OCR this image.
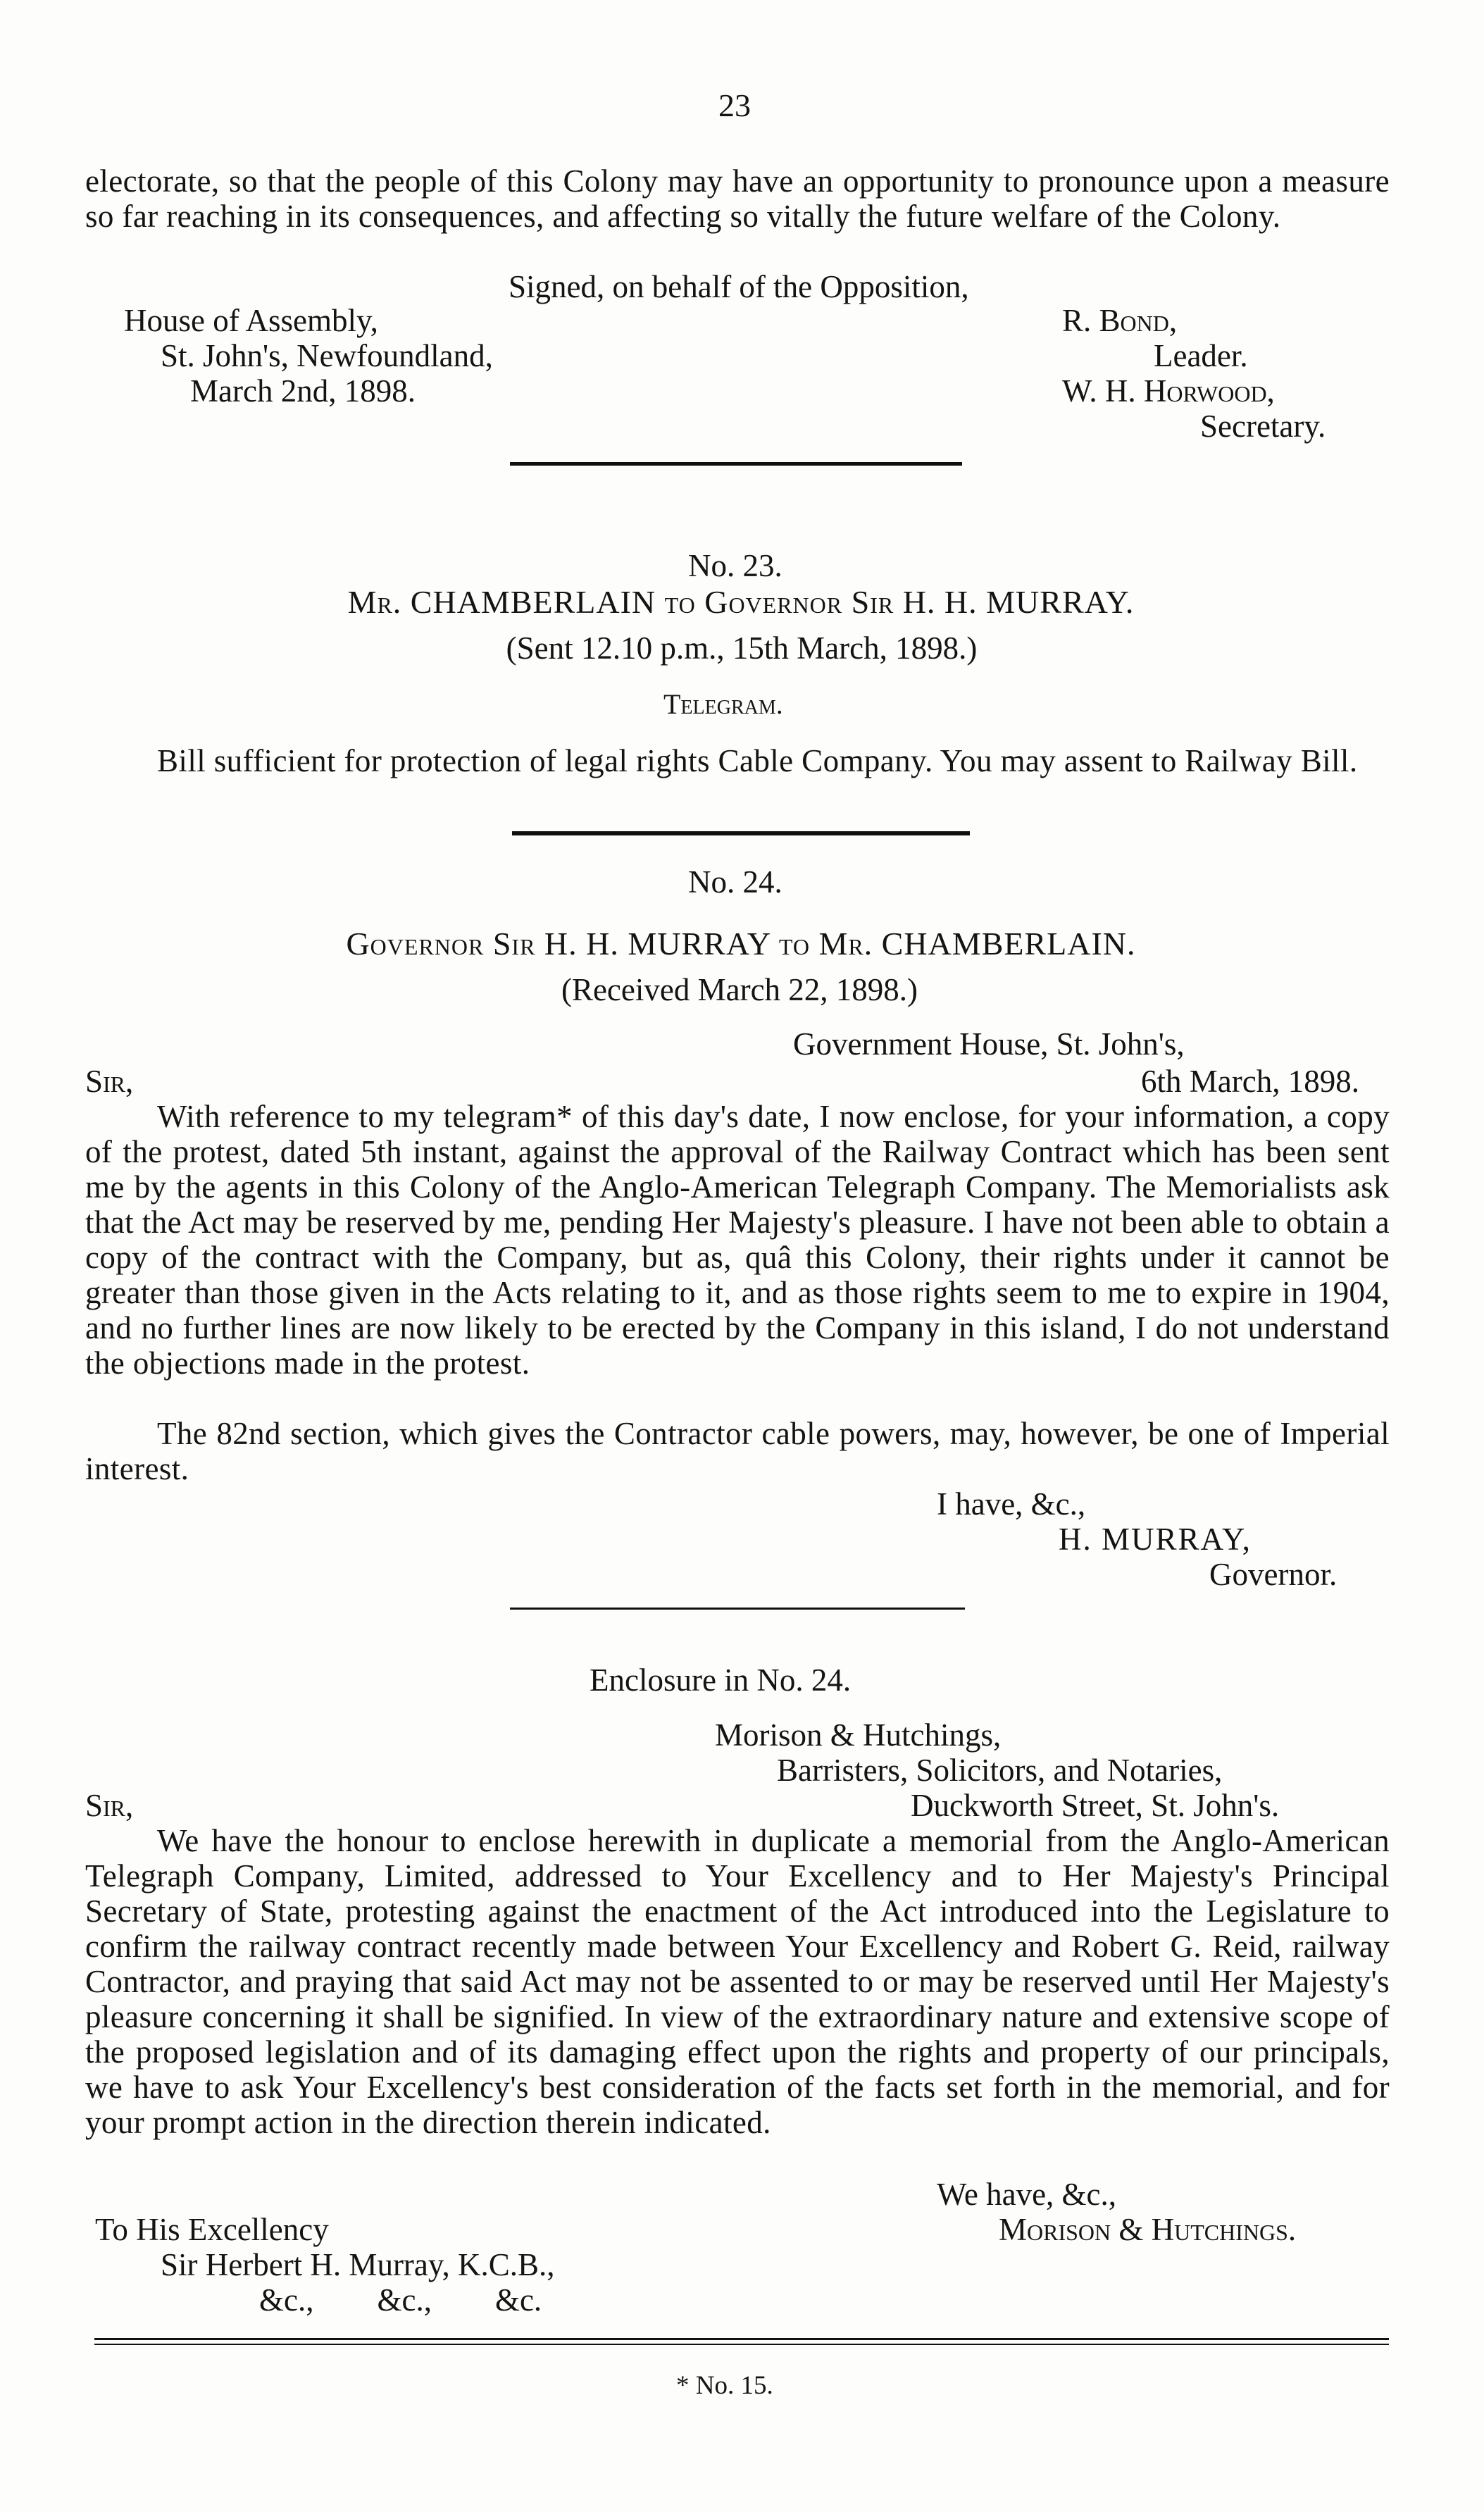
23

electorate, so that the people of this Colony may have an opportunity to pronounce upon a measure so far reaching in its consequences, and affecting so vitally the future welfare of the Colony.

Signed, on behalf of the Opposition,

House of Assembly,

St. John's, Newfoundland,

March 2nd, 1898.

R. Bond,

Leader.

W. H. Horwood,

Secretary.

No. 23.

Mr. CHAMBERLAIN to Governor Sir H. H. MURRAY.

(Sent 12.10 p.m., 15th March, 1898.)

Telegram.

Bill sufficient for protection of legal rights Cable Company. You may assent to Railway Bill.

No. 24.

Governor Sir H. H. MURRAY to Mr. CHAMBERLAIN.

(Received March 22, 1898.)

Government House, St. John's,

Sir,	6th March, 1898.

With reference to my telegram* of this day's date, I now enclose, for your information, a copy of the protest, dated 5th instant, against the approval of the Railway Contract which has been sent me by the agents in this Colony of the Anglo-American Telegraph Company. The Memorialists ask that the Act may be reserved by me, pending Her Majesty's pleasure. I have not been able to obtain a copy of the contract with the Company, but as, quâ this Colony, their rights under it cannot be greater than those given in the Acts relating to it, and as those rights seem to me to expire in 1904, and no further lines are now likely to be erected by the Company in this island, I do not understand the objections made in the protest.

The 82nd section, which gives the Contractor cable powers, may, however, be one of Imperial interest.

I have, &c.,

H. MURRAY,

Governor.

Enclosure in No. 24.

Morison & Hutchings,

Barristers, Solicitors, and Notaries,

Duckworth Street, St. John's.

Sir,

We have the honour to enclose herewith in duplicate a memorial from the Anglo-American Telegraph Company, Limited, addressed to Your Excellency and to Her Majesty's Principal Secretary of State, protesting against the enactment of the Act introduced into the Legislature to confirm the railway contract recently made between Your Excellency and Robert G. Reid, railway Contractor, and praying that said Act may not be assented to or may be reserved until Her Majesty's pleasure concerning it shall be signified. In view of the extraordinary nature and extensive scope of the proposed legislation and of its damaging effect upon the rights and property of our principals, we have to ask Your Excellency's best consideration of the facts set forth in the memorial, and for your prompt action in the direction therein indicated.

We have, &c.,

Morison & Hutchings.

To His Excellency

Sir Herbert H. Murray, K.C.B.,

&c.,        &c.,        &c.

* No. 15.
